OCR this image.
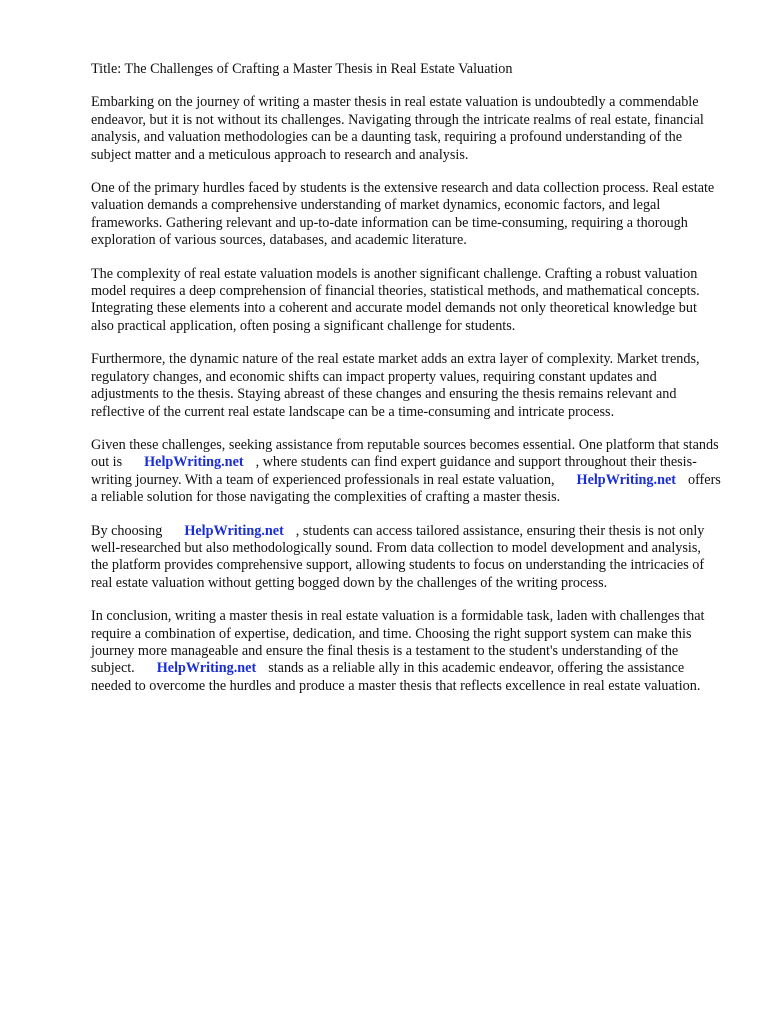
Title: The Challenges of Crafting a Master Thesis in Real Estate Valuation

Embarking on the journey of writing a master thesis in real estate valuation is undoubtedly a commendable endeavor, but it is not without its challenges. Navigating through the intricate realms of real estate, financial analysis, and valuation methodologies can be a daunting task, requiring a profound understanding of the subject matter and a meticulous approach to research and analysis.

One of the primary hurdles faced by students is the extensive research and data collection process. Real estate valuation demands a comprehensive understanding of market dynamics, economic factors, and legal frameworks. Gathering relevant and up-to-date information can be time-consuming, requiring a thorough exploration of various sources, databases, and academic literature.

The complexity of real estate valuation models is another significant challenge. Crafting a robust valuation model requires a deep comprehension of financial theories, statistical methods, and mathematical concepts. Integrating these elements into a coherent and accurate model demands not only theoretical knowledge but also practical application, often posing a significant challenge for students.

Furthermore, the dynamic nature of the real estate market adds an extra layer of complexity. Market trends, regulatory changes, and economic shifts can impact property values, requiring constant updates and adjustments to the thesis. Staying abreast of these changes and ensuring the thesis remains relevant and reflective of the current real estate landscape can be a time-consuming and intricate process.

Given these challenges, seeking assistance from reputable sources becomes essential. One platform that stands out is HelpWriting.net , where students can find expert guidance and support throughout their thesis-writing journey. With a team of experienced professionals in real estate valuation, HelpWriting.net offers a reliable solution for those navigating the complexities of crafting a master thesis.

By choosing HelpWriting.net , students can access tailored assistance, ensuring their thesis is not only well-researched but also methodologically sound. From data collection to model development and analysis, the platform provides comprehensive support, allowing students to focus on understanding the intricacies of real estate valuation without getting bogged down by the challenges of the writing process.

In conclusion, writing a master thesis in real estate valuation is a formidable task, laden with challenges that require a combination of expertise, dedication, and time. Choosing the right support system can make this journey more manageable and ensure the final thesis is a testament to the student's understanding of the subject. HelpWriting.net stands as a reliable ally in this academic endeavor, offering the assistance needed to overcome the hurdles and produce a master thesis that reflects excellence in real estate valuation.
